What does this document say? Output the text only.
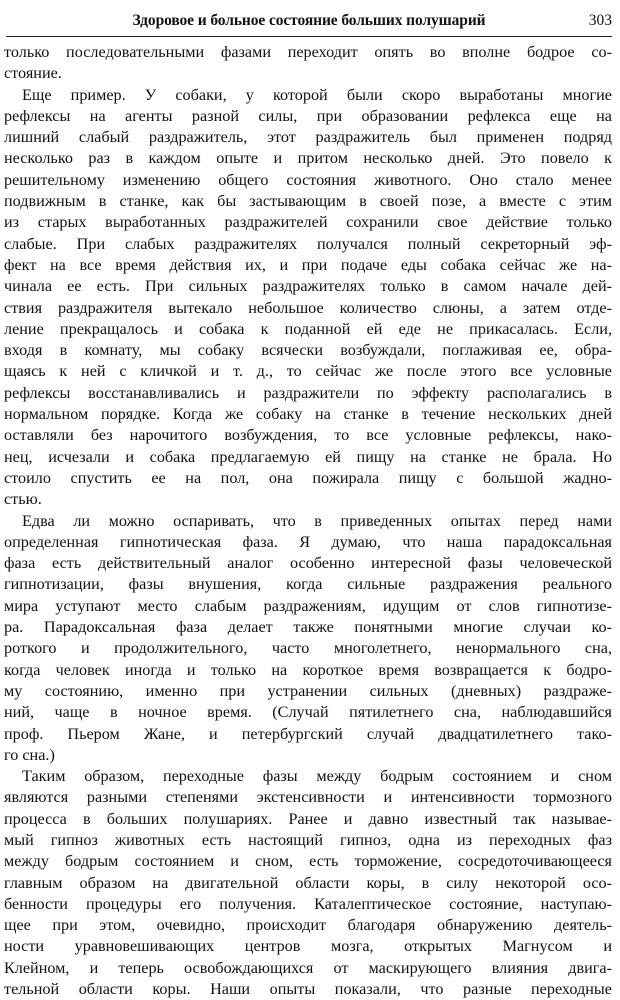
Здоровое и больное состояние больших полушарий	303
только последовательными фазами переходит опять во вполне бодрое со-
стояние.
Еще пример. У собаки, у которой были скоро выработаны многие
рефлексы на агенты разной силы, при образовании рефлекса еще на
лишний слабый раздражитель, этот раздражитель был применен подряд
несколько раз в каждом опыте и притом несколько дней. Это повело к
решительному изменению общего состояния животного. Оно стало менее
подвижным в станке, как бы застывающим в своей позе, а вместе с этим
из старых выработанных раздражителей сохранили свое действие только
слабые. При слабых раздражителях получался полный секреторный эф-
фект на все время действия их, и при подаче еды собака сейчас же на-
чинала ее есть. При сильных раздражителях только в самом начале дей-
ствия раздражителя вытекало небольшое количество слюны, а затем отде-
ление прекращалось и собака к поданной ей еде не прикасалась. Если,
входя в комнату, мы собаку всячески возбуждали, поглаживая ее, обра-
щаясь к ней с кличкой и т. д., то сейчас же после этого все условные
рефлексы восстанавливались и раздражители по эффекту располагались в
нормальном порядке. Когда же собаку на станке в течение нескольких дней
оставляли без нарочитого возбуждения, то все условные рефлексы, нако-
нец, исчезали и собака предлагаемую ей пищу на станке не брала. Но
стоило спустить ее на пол, она пожирала пищу с большой жадно-
стью.
Едва ли можно оспаривать, что в приведенных опытах перед нами
определенная гипнотическая фаза. Я думаю, что наша парадоксальная
фаза есть действительный аналог особенно интересной фазы человеческой
гипнотизации, фазы внушения, когда сильные раздражения реального
мира уступают место слабым раздражениям, идущим от слов гипнотизе-
ра. Парадоксальная фаза делает также понятными многие случаи ко-
роткого и продолжительного, часто многолетнего, ненормального сна,
когда человек иногда и только на короткое время возвращается к бодро-
му состоянию, именно при устранении сильных (дневных) раздраже-
ний, чаще в ночное время. (Случай пятилетнего сна, наблюдавшийся
проф. Пьером Жане, и петербургский случай двадцатилетнего тако-
го сна.)
Таким образом, переходные фазы между бодрым состоянием и сном
являются разными степенями экстенсивности и интенсивности тормозного
процесса в больших полушариях. Ранее и давно известный так называе-
мый гипноз животных есть настоящий гипноз, одна из переходных фаз
между бодрым состоянием и сном, есть торможение, сосредоточивающееся
главным образом на двигательной области коры, в силу некоторой осо-
бенности процедуры его получения. Каталептическое состояние, наступаю-
щее при этом, очевидно, происходит благодаря обнаружению деятель-
ности уравновешивающих центров мозга, открытых Магнусом и
Клейном, и теперь освобождающихся от маскирующего влияния двига-
тельной области коры. Наши опыты показали, что разные переходные
